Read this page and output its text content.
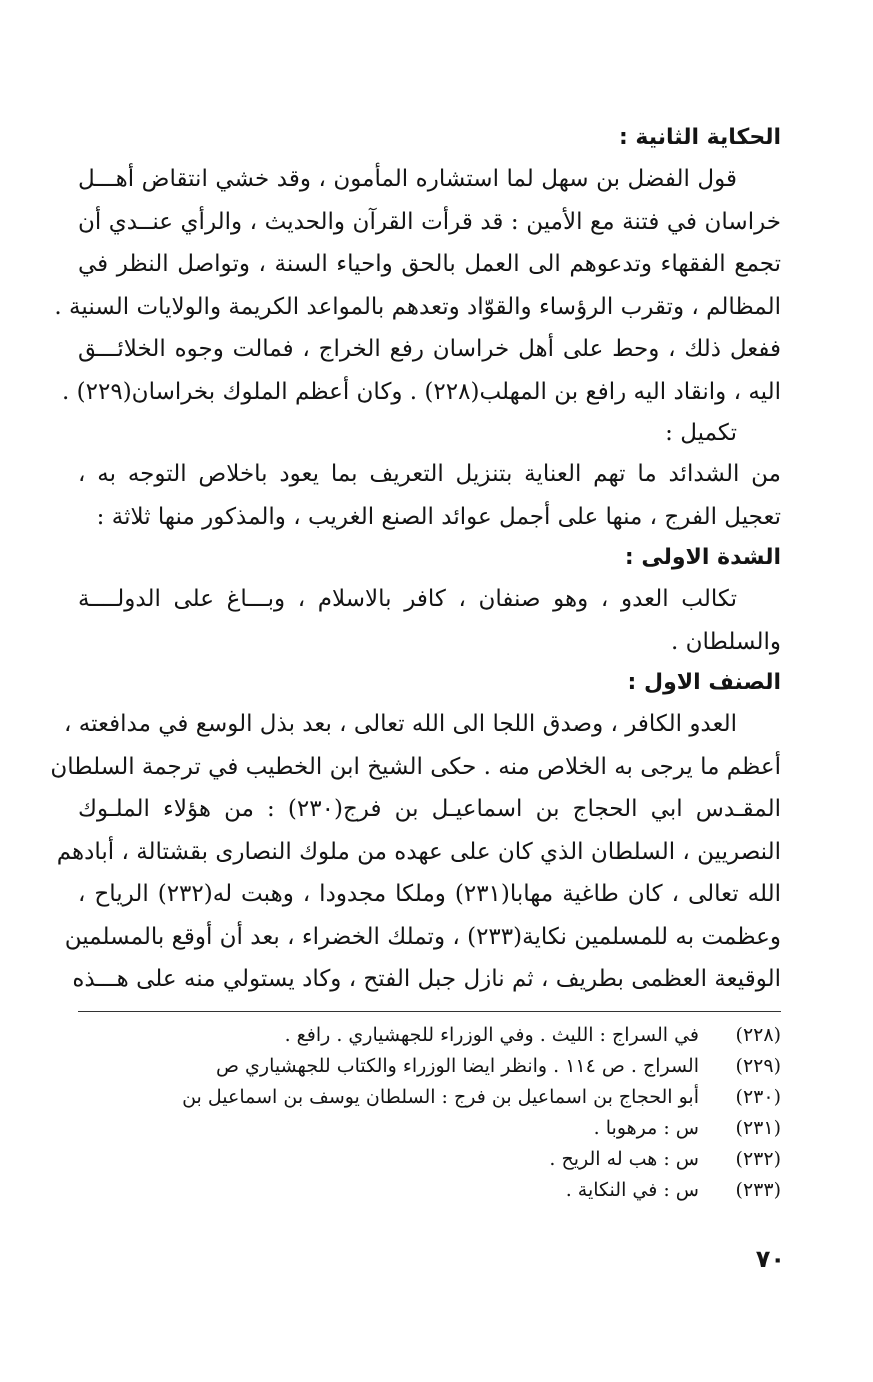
الحكاية الثانية :

قول الفضل بن سهل لما استشاره المأمون ، وقد خشي انتقاض أهـــل
خراسان في فتنة مع الأمين : قد قرأت القرآن والحديث ، والرأي عنــدي أن
تجمع الفقهاء وتدعوهم الى العمل بالحق واحياء السنة ، وتواصل النظر في
المظالم ، وتقرب الرؤساء والقوّاد وتعدهم بالمواعد الكريمة والولايات السنية .
ففعل ذلك ، وحط على أهل خراسان رفع الخراج ، فمالت وجوه الخلائـــق
اليه ، وانقاد اليه رافع بن المهلب(٢٢٨) . وكان أعظم الملوك بخراسان(٢٢٩) .

تكميل :

من الشدائد ما تهم العناية بتنزيل التعريف بما يعود باخلاص التوجه به ،
تعجيل الفرج ، منها على أجمل عوائد الصنع الغريب ، والمذكور منها ثلاثة :

الشدة الاولى :

تكالب العدو ، وهو صنفان ، كافر بالاسلام ، وبـــاغ على الدولــــة
والسلطان .

الصنف الاول :

العدو الكافر ، وصدق اللجا الى الله تعالى ، بعد بذل الوسع في مدافعته ،
أعظم ما يرجى به الخلاص منه . حكى الشيخ ابن الخطيب في ترجمة السلطان
المقـدس ابي الحجاج بن اسماعيـل بن فرج(٢٣٠) : من هؤلاء الملـوك
النصريين ، السلطان الذي كان على عهده من ملوك النصارى بقشتالة ، أبادهم
الله تعالى ، كان طاغية مهابا(٢٣١) وملكا مجدودا ، وهبت له(٢٣٢) الرياح ،
وعظمت به للمسلمين نكاية(٢٣٣) ، وتملك الخضراء ، بعد أن أوقع بالمسلمين
الوقيعة العظمى بطريف ، ثم نازل جبل الفتح ، وكاد يستولي منه على هـــذه

(٢٢٨)
في السراج : الليث . وفي الوزراء للجهشياري . رافع .
(٢٢٩)
السراج . ص ١١٤ . وانظر ايضا الوزراء والكتاب للجهشياري ص
(٢٣٠)
أبو الحجاج بن اسماعيل بن فرج : السلطان يوسف بن اسماعيل بن
(٢٣١)
س : مرهوبا .
(٢٣٢)
س : هب له الريح .
(٢٣٣)
س : في النكاية .
٧٠
